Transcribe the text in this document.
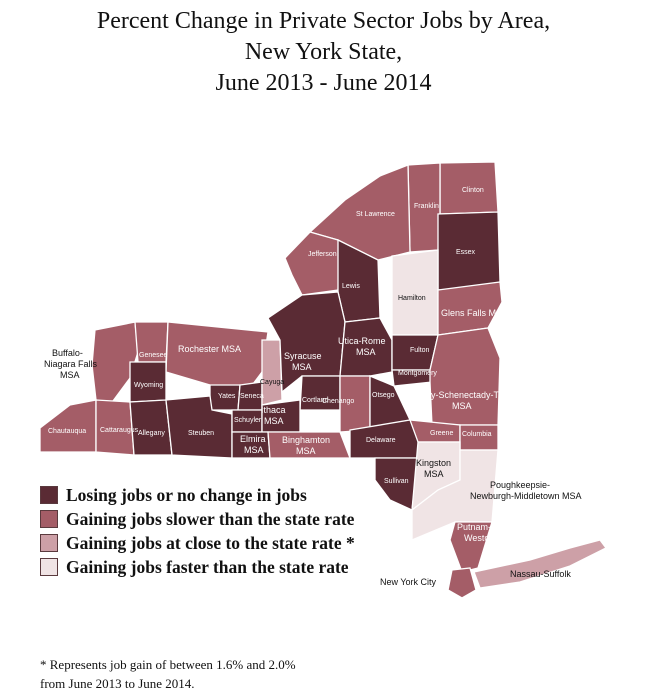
Percent Change in Private Sector Jobs by Area,
New York State,
June 2013 - June 2014
Clinton
Franklin
St Lawrence
Essex
Jefferson
Lewis
Hamilton
Glens Falls MSA
Genesee
Rochester MSA
Syracuse
MSA
Utica-Rome
MSA	Fulton
Montgomery
Albany-Schenectady-Troy
MSA
Wyoming
Yates Seneca
Cayuga
Cortland
Chenango
Otsego
Schuyler
Ithaca
MSA
Chautauqua Cattaraugus Allegany	Steuben
Elmira
MSA
Binghamton
MSA
Delaware
Greene Columbia
Kingston
MSA
Sullivan
Putnam-Rockland-
Westchester
Nassau-Suffolk
Buffalo-
Niagara Falls
MSA
Poughkeepsie-
Newburgh-Middletown MSA
New York City
Losing jobs or no change in jobs
Gaining jobs slower than the state rate
Gaining jobs at close to the state rate *
Gaining jobs faster than the state rate
* Represents job gain of between 1.6% and 2.0%
from June 2013 to June 2014.
